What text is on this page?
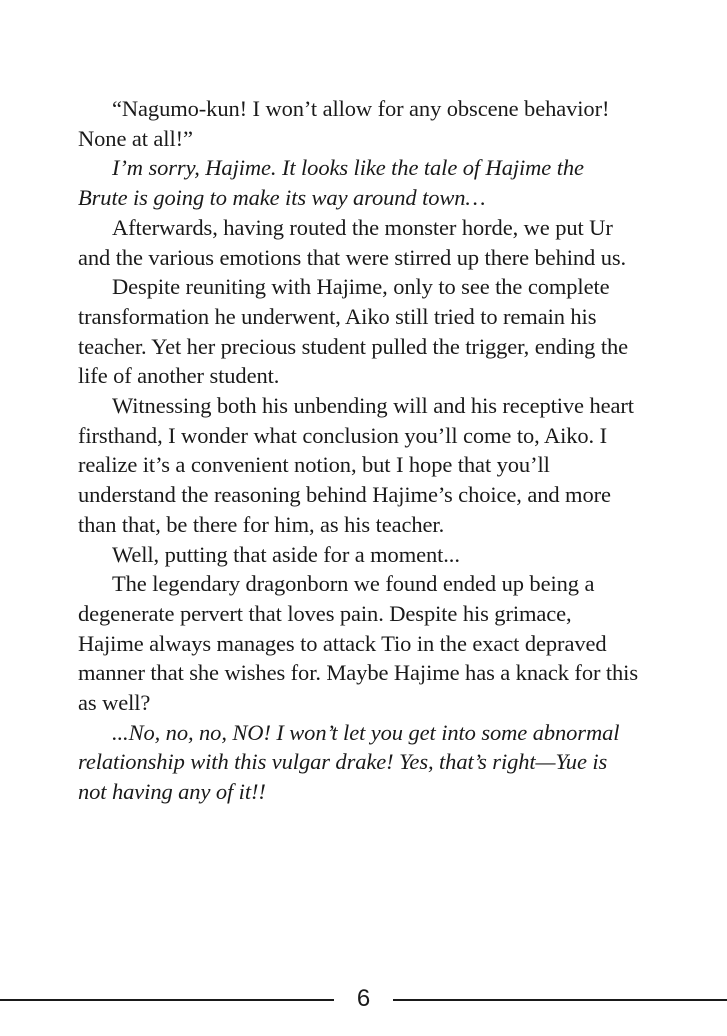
“Nagumo-kun! I won’t allow for any obscene behavior! None at all!”

I’m sorry, Hajime. It looks like the tale of Hajime the Brute is going to make its way around town…

Afterwards, having routed the monster horde, we put Ur and the various emotions that were stirred up there behind us.

Despite reuniting with Hajime, only to see the complete transformation he underwent, Aiko still tried to remain his teacher. Yet her precious student pulled the trigger, ending the life of another student.

Witnessing both his unbending will and his receptive heart firsthand, I wonder what conclusion you’ll come to, Aiko. I realize it’s a convenient notion, but I hope that you’ll understand the reasoning behind Hajime’s choice, and more than that, be there for him, as his teacher.

Well, putting that aside for a moment...

The legendary dragonborn we found ended up being a degenerate pervert that loves pain. Despite his grimace, Hajime always manages to attack Tio in the exact depraved manner that she wishes for. Maybe Hajime has a knack for this as well?

...No, no, no, NO! I won’t let you get into some abnormal relationship with this vulgar drake! Yes, that’s right—Yue is not having any of it!!

6
